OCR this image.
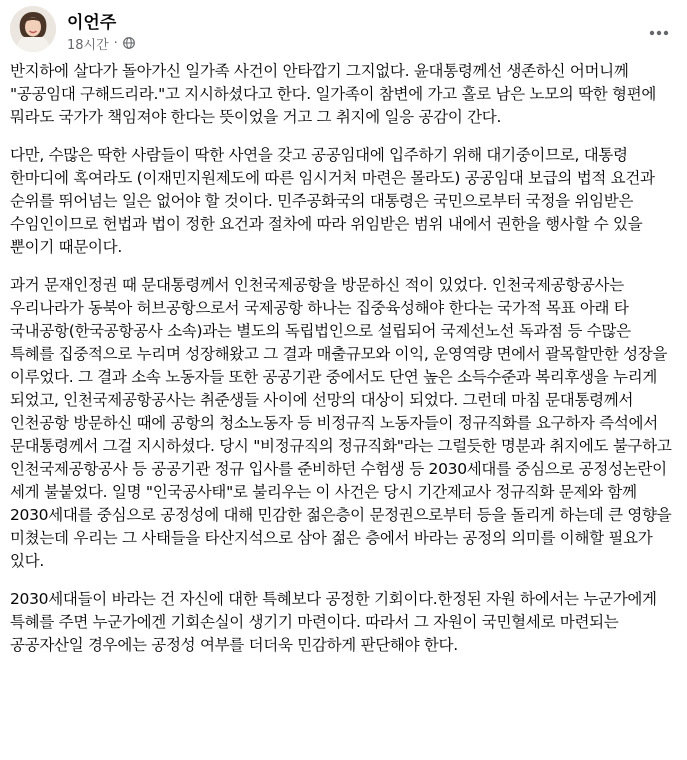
이언주
18시간 ·

반지하에 살다가 돌아가신 일가족 사건이 안타깝기 그지없다. 윤대통령께선 생존하신 어머니께 "공공임대 구해드리라."고 지시하셨다고 한다. 일가족이 참변에 가고 홀로 남은 노모의 딱한 형편에 뭐라도 국가가 책임져야 한다는 뜻이었을 거고 그 취지에 일응 공감이 간다.

다만, 수많은 딱한 사람들이 딱한 사연을 갖고 공공임대에 입주하기 위해 대기중이므로, 대통령 한마디에 혹여라도 (이재민지원제도에 따른 임시거처 마련은 몰라도) 공공임대 보급의 법적 요건과 순위를 뛰어넘는 일은 없어야 할 것이다. 민주공화국의 대통령은 국민으로부터 국정을 위임받은 수임인이므로 헌법과 법이 정한 요건과 절차에 따라 위임받은 범위 내에서 권한을 행사할 수 있을 뿐이기 때문이다.

과거 문재인정권 때 문대통령께서 인천국제공항을 방문하신 적이 있었다. 인천국제공항공사는 우리나라가 동북아 허브공항으로서 국제공항 하나는 집중육성해야 한다는 국가적 목표 아래 타 국내공항(한국공항공사 소속)과는 별도의 독립법인으로 설립되어 국제선노선 독과점 등 수많은 특혜를 집중적으로 누리며 성장해왔고 그 결과 매출규모와 이익, 운영역량 면에서 괄목할만한 성장을 이루었다. 그 결과 소속 노동자들 또한 공공기관 중에서도 단연 높은 소득수준과 복리후생을 누리게 되었고, 인천국제공항공사는 취준생들 사이에 선망의 대상이 되었다. 그런데 마침 문대통령께서 인천공항 방문하신 때에 공항의 청소노동자 등 비정규직 노동자들이 정규직화를 요구하자 즉석에서 문대통령께서 그걸 지시하셨다. 당시 "비정규직의 정규직화"라는 그럴듯한 명분과 취지에도 불구하고 인천국제공항공사 등 공공기관 정규 입사를 준비하던 수험생 등 2030세대를 중심으로 공정성논란이 세게 불붙었다. 일명 "인국공사태"로 불리우는 이 사건은 당시 기간제교사 정규직화 문제와 함께 2030세대를 중심으로 공정성에 대해 민감한 젊은층이 문정권으로부터 등을 돌리게 하는데 큰 영향을 미쳤는데 우리는 그 사태들을 타산지석으로 삼아 젊은 층에서 바라는 공정의 의미를 이해할 필요가 있다.

2030세대들이 바라는 건 자신에 대한 특혜보다 공정한 기회이다.한정된 자원 하에서는 누군가에게 특혜를 주면 누군가에겐 기회손실이 생기기 마련이다. 따라서 그 자원이 국민혈세로 마련되는 공공자산일 경우에는 공정성 여부를 더더욱 민감하게 판단해야 한다.
